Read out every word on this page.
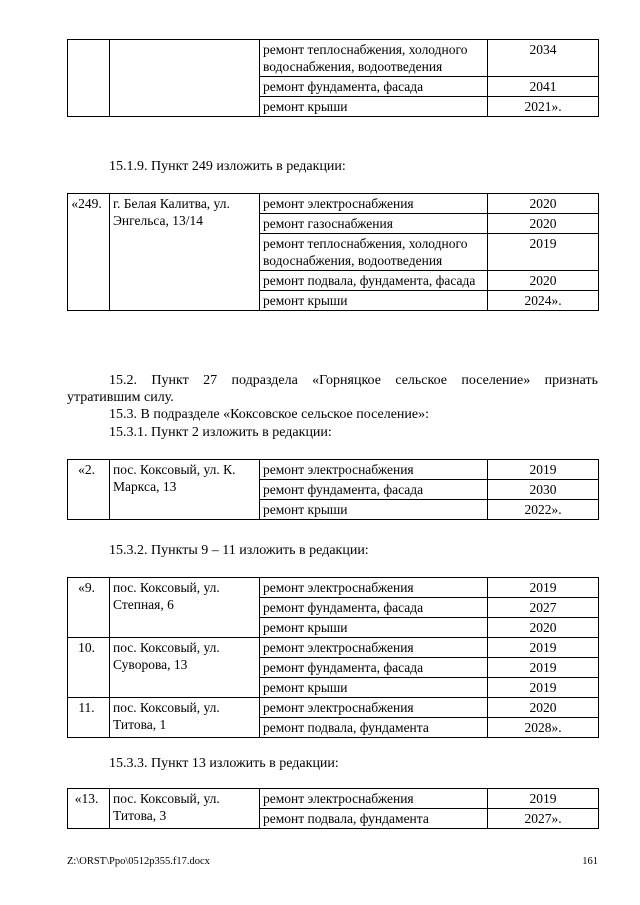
		ремонт теплоснабжения, холодного водоснабжения, водоотведения	2034
		ремонт фундамента, фасада	2041
		ремонт крыши	2021».

15.1.9. Пункт 249 изложить в редакции:

«249.	г. Белая Калитва, ул. Энгельса, 13/14	ремонт электроснабжения	2020
		ремонт газоснабжения	2020
		ремонт теплоснабжения, холодного водоснабжения, водоотведения	2019
		ремонт подвала, фундамента, фасада	2020
		ремонт крыши	2024».

15.2. Пункт 27 подраздела «Горняцкое сельское поселение» признать утратившим силу.

15.3. В подразделе «Коксовское сельское поселение»:

15.3.1. Пункт 2 изложить в редакции:

«2.	пос. Коксовый, ул. К. Маркса, 13	ремонт электроснабжения	2019
		ремонт фундамента, фасада	2030
		ремонт крыши	2022».

15.3.2. Пункты 9 – 11 изложить в редакции:

«9.	пос. Коксовый, ул. Степная, 6	ремонт электроснабжения	2019
		ремонт фундамента, фасада	2027
		ремонт крыши	2020
10.	пос. Коксовый, ул. Суворова, 13	ремонт электроснабжения	2019
		ремонт фундамента, фасада	2019
		ремонт крыши	2019
11.	пос. Коксовый, ул. Титова, 1	ремонт электроснабжения	2020
		ремонт подвала, фундамента	2028».

15.3.3. Пункт 13 изложить в редакции:

«13.	пос. Коксовый, ул. Титова, 3	ремонт электроснабжения	2019
		ремонт подвала, фундамента	2027».
Z:\ORST\Ppo\0512p355.f17.docx	161
